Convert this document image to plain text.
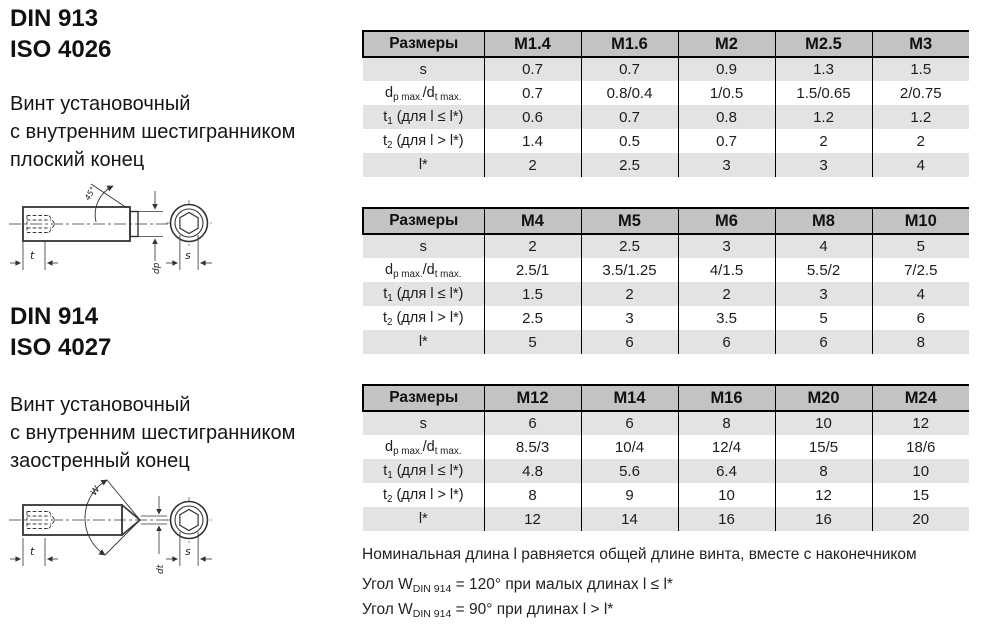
DIN 913
ISO 4026
Винт установочный
с внутренним шестигранником
плоский конец
45°
t
dp
s
DIN 914
ISO 4027
Винт установочный
с внутренним шестигранником
заостренный конец
W
t
dt
s
Размеры	M1.4	M1.6	M2	M2.5	M3
s	0.7	0.7	0.9	1.3	1.5
dp max./dt max.	0.7	0.8/0.4	1/0.5	1.5/0.65	2/0.75
t1 (для l ≤ l*)	0.6	0.7	0.8	1.2	1.2
t2 (для l > l*)	1.4	0.5	0.7	2	2
l*	2	2.5	3	3	4
Размеры	M4	M5	M6	M8	M10
s	2	2.5	3	4	5
dp max./dt max.	2.5/1	3.5/1.25	4/1.5	5.5/2	7/2.5
t1 (для l ≤ l*)	1.5	2	2	3	4
t2 (для l > l*)	2.5	3	3.5	5	6
l*	5	6	6	6	8
Размеры	M12	M14	M16	M20	M24
s	6	6	8	10	12
dp max./dt max.	8.5/3	10/4	12/4	15/5	18/6
t1 (для l ≤ l*)	4.8	5.6	6.4	8	10
t2 (для l > l*)	8	9	10	12	15
l*	12	14	16	16	20
Номинальная длина l равняется общей длине винта, вместе с наконечником
Угол WDIN 914 = 120° при малых длинах l ≤ l*
Угол WDIN 914 = 90° при длинах l > l*
